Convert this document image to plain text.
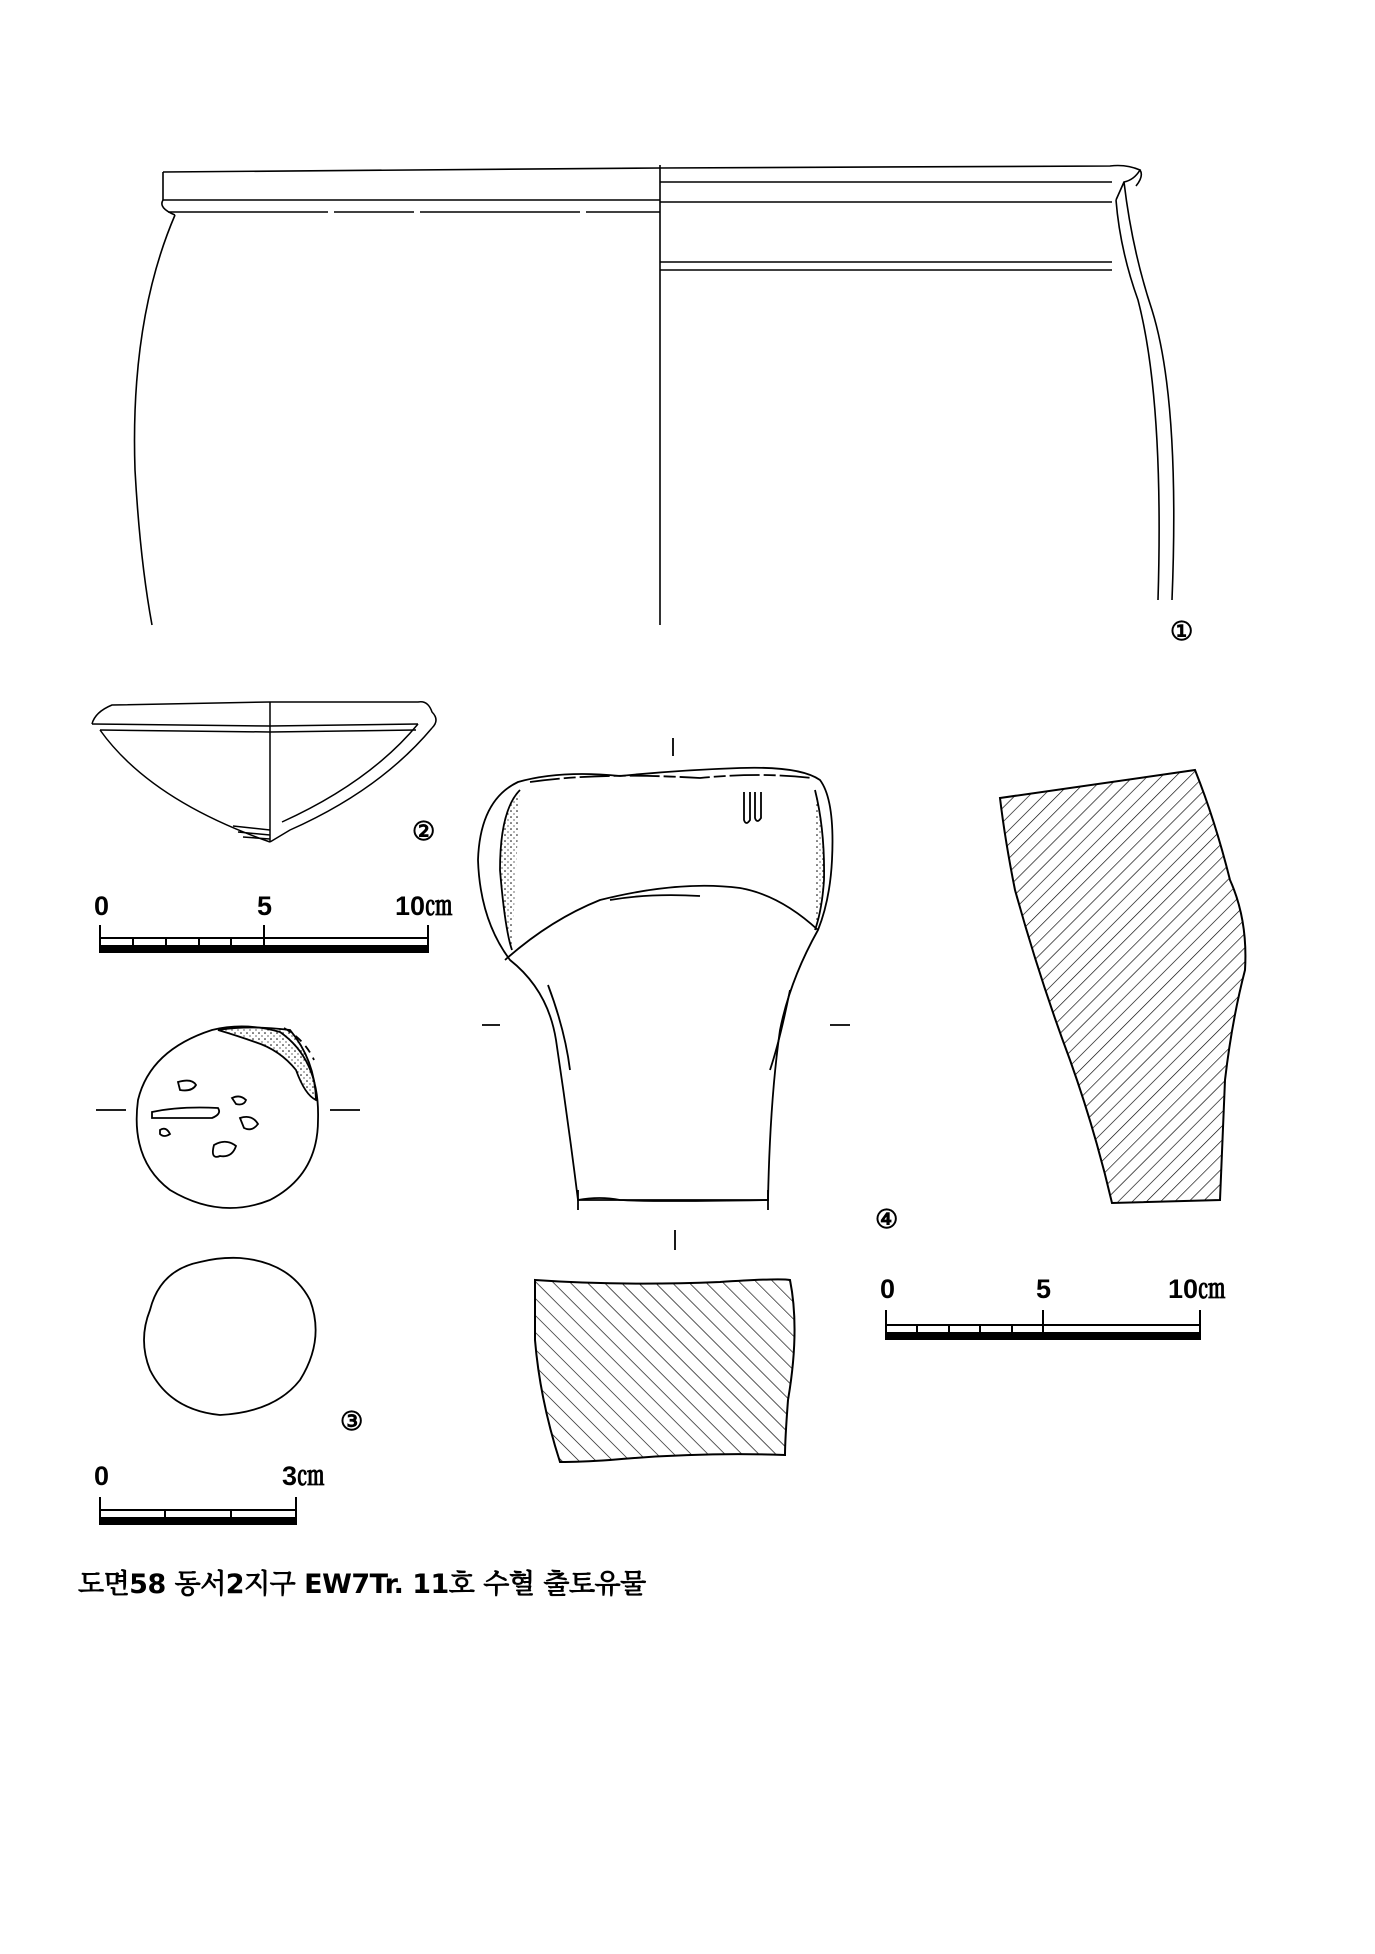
①
②
0	5	10㎝
③
0	3㎝
④
0	5	10㎝
도면58 동서2지구 EW7Tr. 11호 수혈 출토유물
